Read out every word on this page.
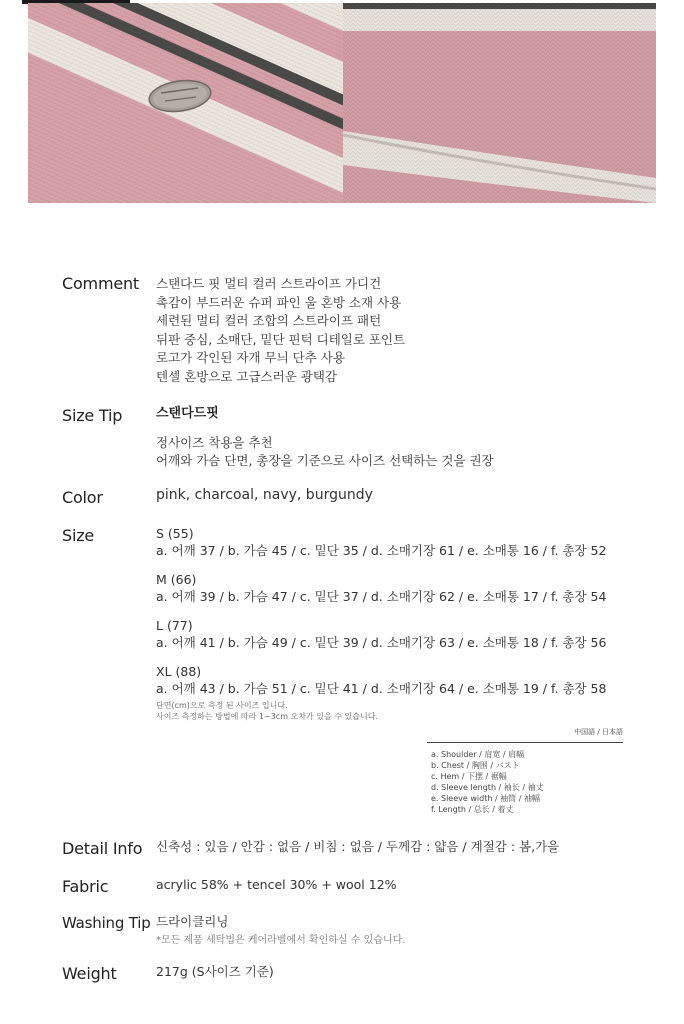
Comment 스탠다드 핏 멀티 컬러 스트라이프 가디건
촉감이 부드러운 슈퍼 파인 울 혼방 소재 사용
세련된 멀티 컬러 조합의 스트라이프 패턴
뒤판 중심, 소매단, 밑단 핀턱 디테일로 포인트
로고가 각인된 자개 무늬 단추 사용
텐셀 혼방으로 고급스러운 광택감
Size Tip	스탠다드핏
정사이즈 착용을 추천
어깨와 가슴 단면, 총장을 기준으로 사이즈 선택하는 것을 권장
Color	pink, charcoal, navy, burgundy
Size	S (55)
a. 어깨 37 / b. 가슴 45 / c. 밑단 35 / d. 소매기장 61 / e. 소매통 16 / f. 총장 52
M (66)
a. 어깨 39 / b. 가슴 47 / c. 밑단 37 / d. 소매기장 62 / e. 소매통 17 / f. 총장 54
L (77)
a. 어깨 41 / b. 가슴 49 / c. 밑단 39 / d. 소매기장 63 / e. 소매통 18 / f. 총장 56
XL (88)
a. 어깨 43 / b. 가슴 51 / c. 밑단 41 / d. 소매기장 64 / e. 소매통 19 / f. 총장 58
단면(cm)으로 측정 된 사이즈 입니다.
사이즈 측정하는 방법에 따라 1~3cm 오차가 있을 수 있습니다.
中国語 / 日本語
a. Shoulder / 肩宽 / 肩幅
b. Chest / 胸围 / バスト
c. Hem / 下摆 / 裾幅
d. Sleeve length / 袖长 / 袖丈
e. Sleeve width / 袖筒 / 袖幅
f. Length / 总长 / 着丈
Detail Info 신축성 : 있음 / 안감 : 없음 / 비침 : 없음 / 두께감 : 얇음 / 계절감 : 봄,가을
Fabric	acrylic 58% + tencel 30% + wool 12%
Washing Tip 드라이클리닝
*모든 제품 세탁법은 케어라벨에서 확인하실 수 있습니다.
Weight	217g (S사이즈 기준)
